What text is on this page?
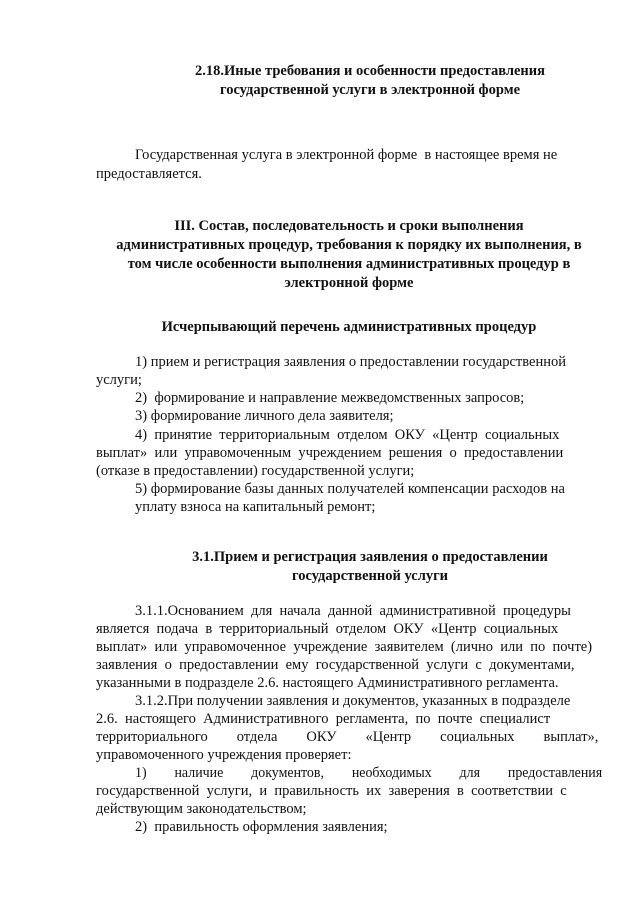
2.18.Иные требования и особенности предоставления
государственной услуги в электронной форме
Государственная услуга в электронной форме  в настоящее время не
предоставляется.
III. Состав, последовательность и сроки выполнения
административных процедур, требования к порядку их выполнения, в
том числе особенности выполнения административных процедур в
электронной форме
Исчерпывающий перечень административных процедур
1) прием и регистрация заявления о предоставлении государственной
услуги;
2)  формирование и направление межведомственных запросов;
3) формирование личного дела заявителя;
4)  принятие  территориальным  отделом  ОКУ  «Центр  социальных
выплат»  или  управомоченным  учреждением  решения  о  предоставлении
(отказе в предоставлении) государственной услуги;
5) формирование базы данных получателей компенсации расходов на
уплату взноса на капитальный ремонт;
3.1.Прием и регистрация заявления о предоставлении
государственной услуги
3.1.1.Основанием  для  начала  данной  административной  процедуры
является  подача  в  территориальный  отделом  ОКУ  «Центр  социальных
выплат»  или  управомоченное  учреждение  заявителем  (лично  или  по  почте)
заявления  о  предоставлении  ему  государственной  услуги  с  документами,
указанными в подразделе 2.6. настоящего Административного регламента.
3.1.2.При получении заявления и документов, указанных в подразделе
2.6.  настоящего  Административного  регламента,  по  почте  специалист
территориального        отдела        ОКУ        «Центр        социальных        выплат»,
управомоченного учреждения проверяет:
1)        наличие        документов,        необходимых        для        предоставления
государственной  услуги,  и  правильность  их  заверения  в  соответствии  с
действующим законодательством;
2)  правильность оформления заявления;
